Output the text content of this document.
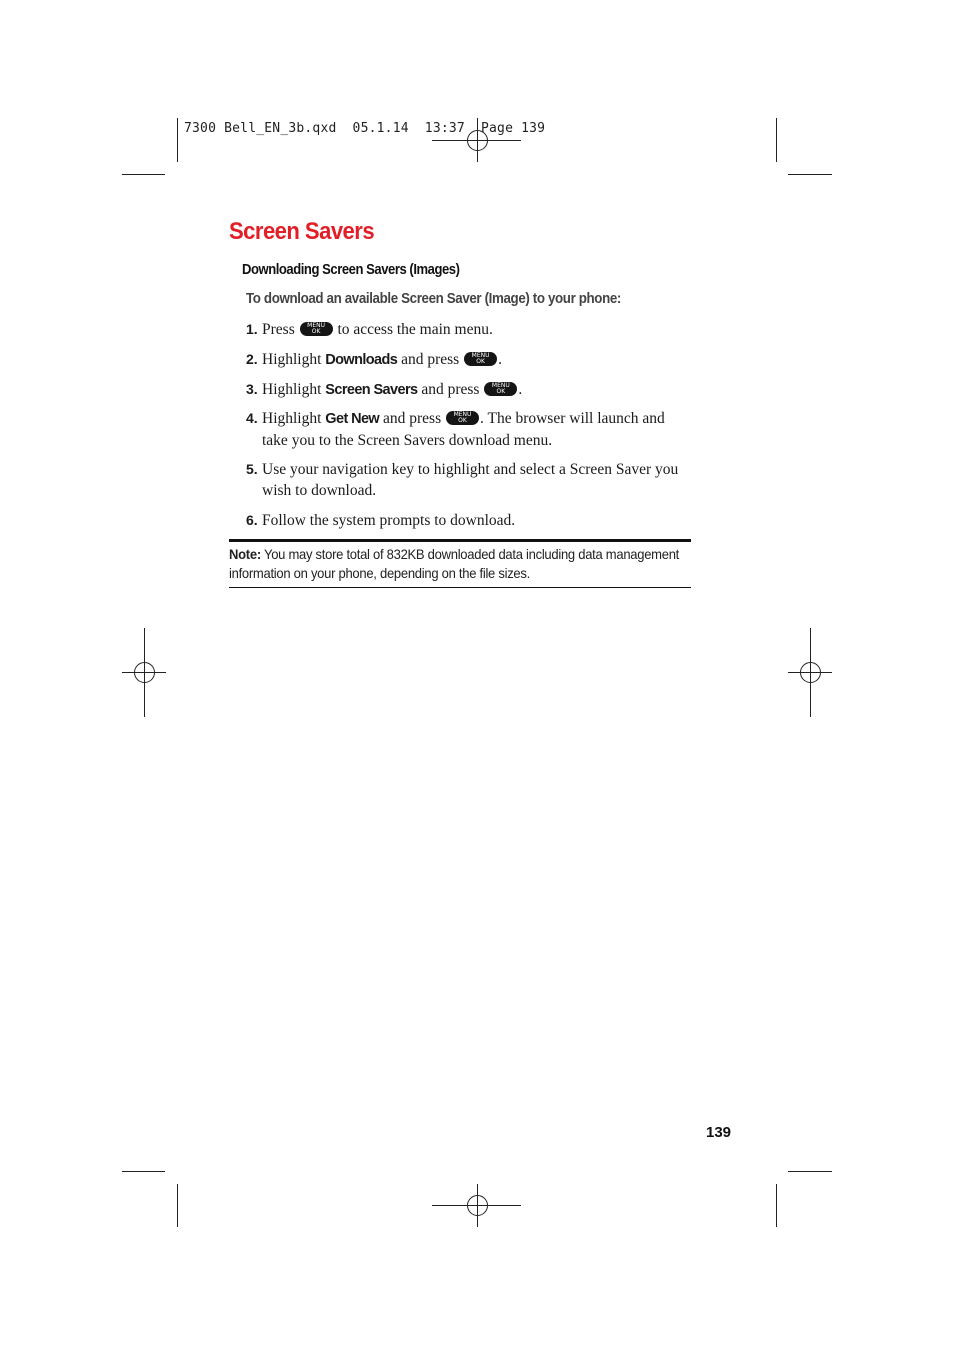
7300 Bell_EN_3b.qxd  05.1.14  13:37  Page 139
Screen Savers
Downloading Screen Savers (Images)
To download an available Screen Saver (Image) to your phone:
1. Press	MENU
OK	to access the main menu.
2. Highlight Downloads and press	MENU
OK .
3. Highlight Screen Savers and press	MENU
OK .
4. Highlight Get New and press	MENU
OK . The browser will launch and take you to the Screen Savers download menu.
5. Use your navigation key to highlight and select a Screen Saver you wish to download.
6. Follow the system prompts to download.
Note: You may store total of 832KB downloaded data including data management information on your phone, depending on the file sizes.
139
